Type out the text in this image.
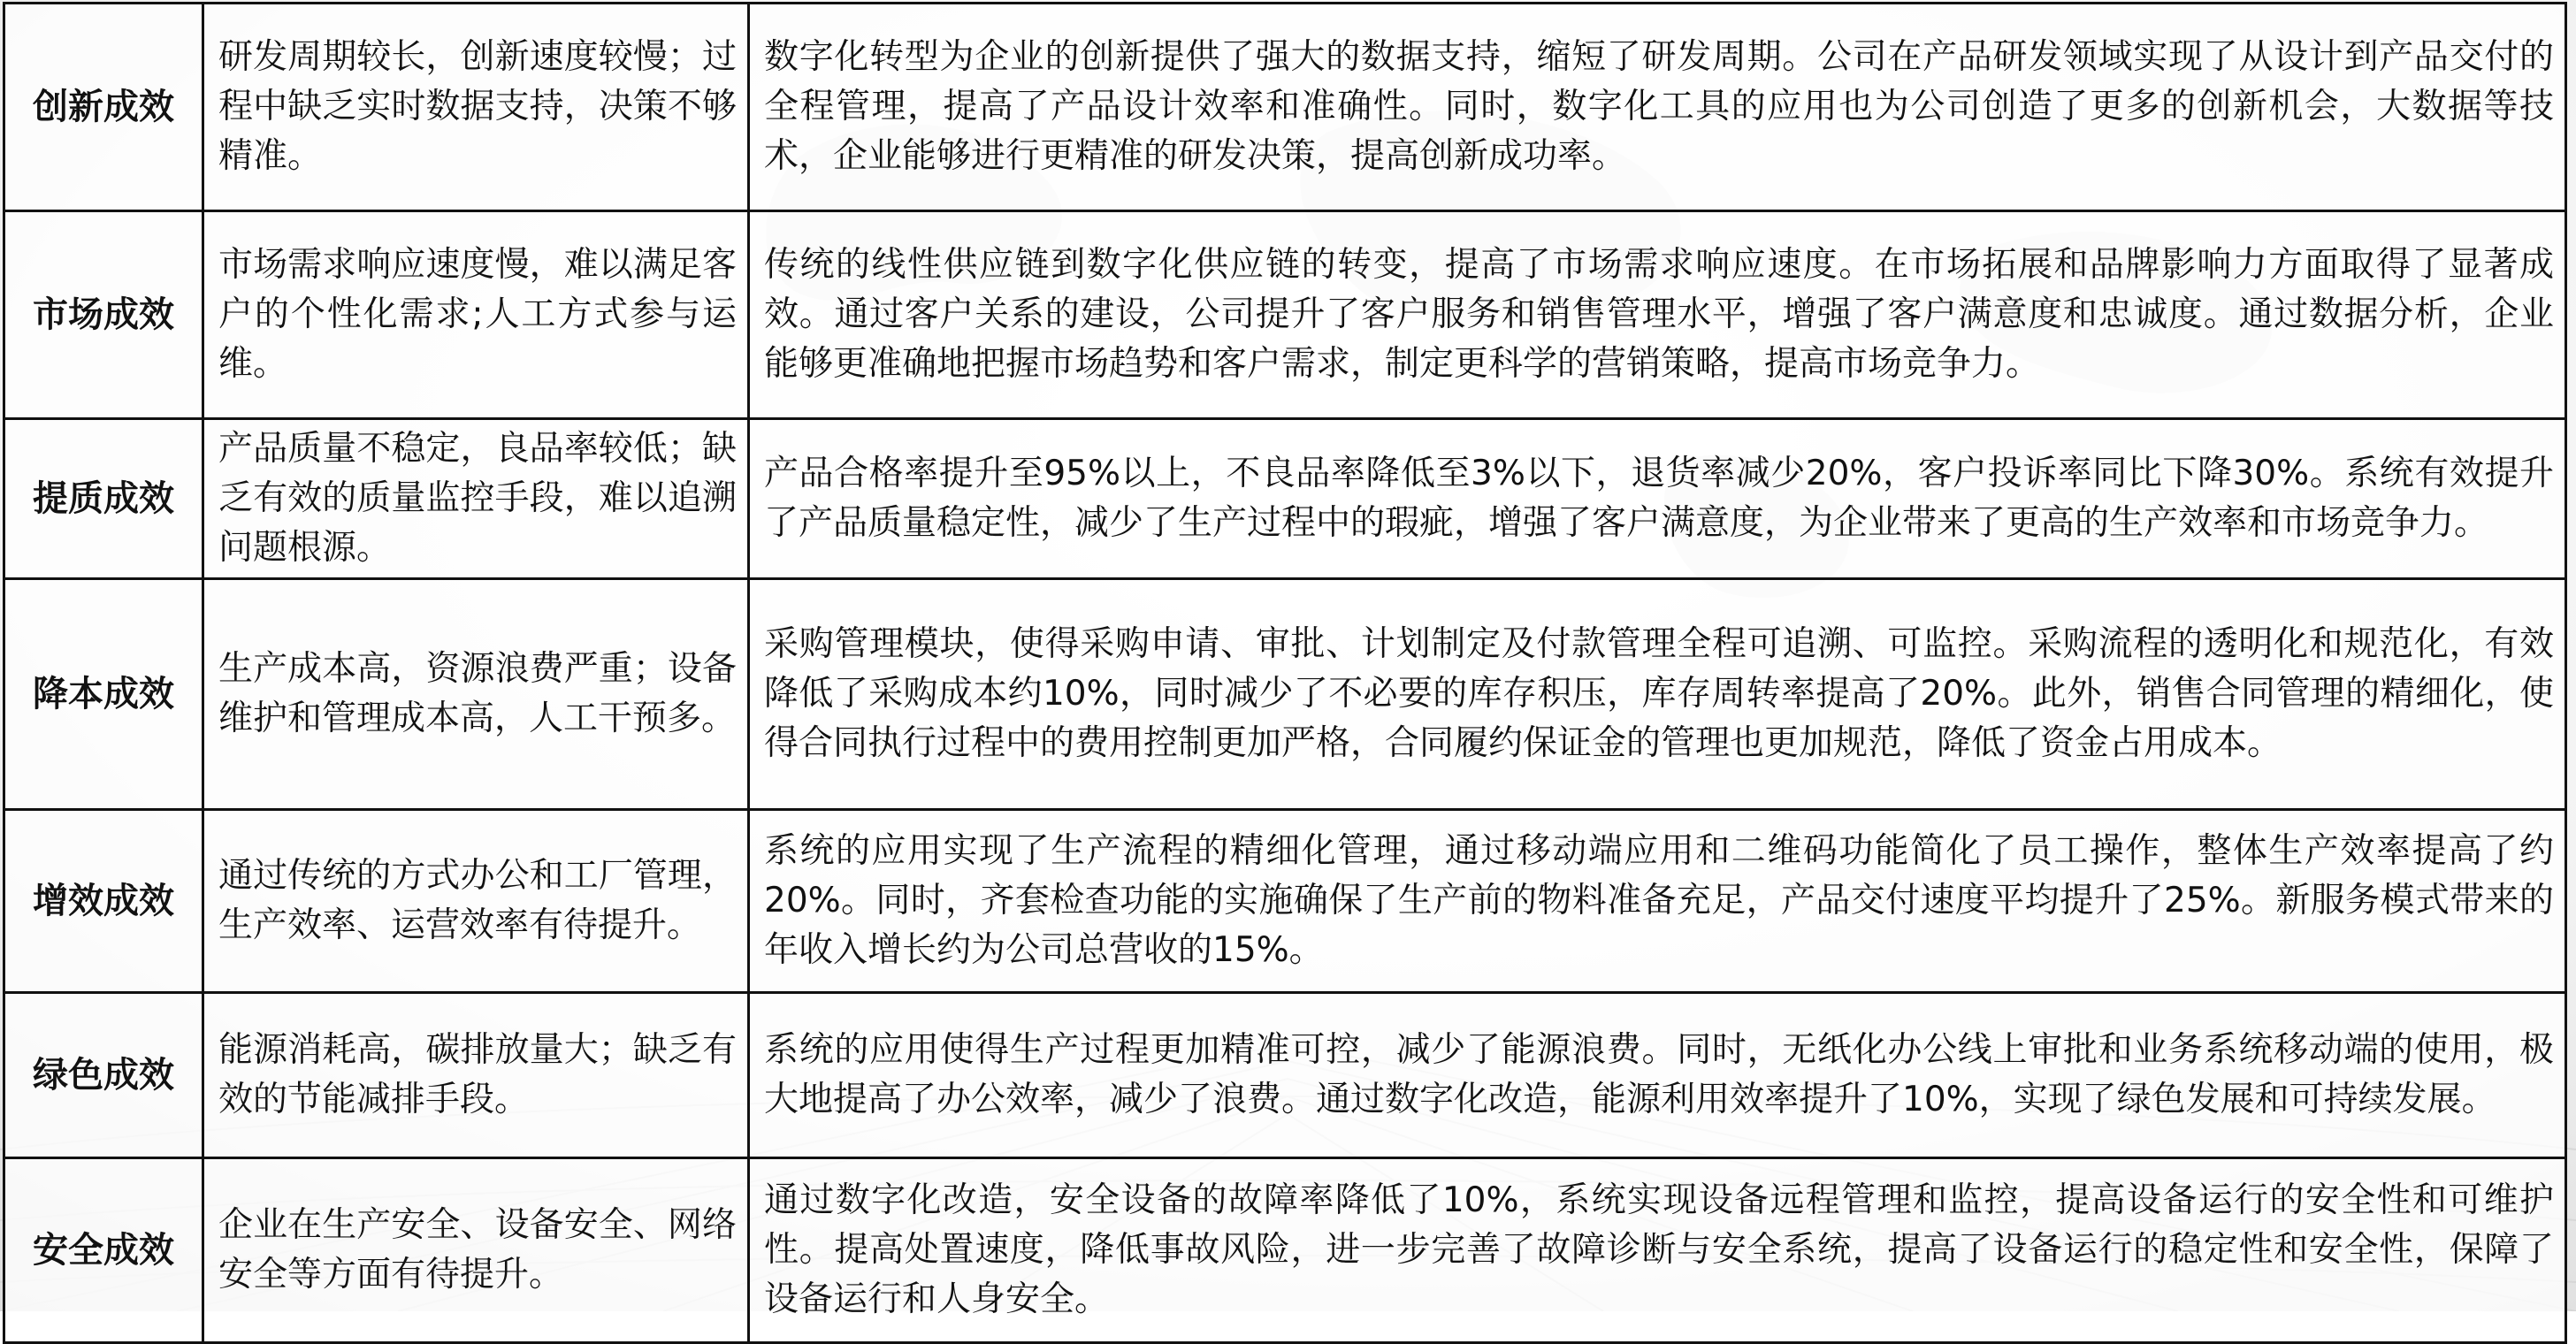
创新成效	研发周期较长，创新速度较慢；过程中缺乏实时数据支持，决策不够精准。	数字化转型为企业的创新提供了强大的数据支持，缩短了研发周期。公司在产品研发领域实现了从设计到产品交付的全程管理，提高了产品设计效率和准确性。同时，数字化工具的应用也为公司创造了更多的创新机会，大数据等技术，企业能够进行更精准的研发决策，提高创新成功率。
市场成效	市场需求响应速度慢，难以满足客户的个性化需求;人工方式参与运维。	传统的线性供应链到数字化供应链的转变，提高了市场需求响应速度。在市场拓展和品牌影响力方面取得了显著成效。通过客户关系的建设，公司提升了客户服务和销售管理水平，增强了客户满意度和忠诚度。通过数据分析，企业能够更准确地把握市场趋势和客户需求，制定更科学的营销策略，提高市场竞争力。
提质成效	产品质量不稳定，良品率较低；缺乏有效的质量监控手段，难以追溯问题根源。	产品合格率提升至95%以上，不良品率降低至3%以下，退货率减少20%，客户投诉率同比下降30%。系统有效提升了产品质量稳定性，减少了生产过程中的瑕疵，增强了客户满意度，为企业带来了更高的生产效率和市场竞争力。
降本成效	生产成本高，资源浪费严重；设备维护和管理成本高，人工干预多。	采购管理模块，使得采购申请、审批、计划制定及付款管理全程可追溯、可监控。采购流程的透明化和规范化，有效降低了采购成本约10%，同时减少了不必要的库存积压，库存周转率提高了20%。此外，销售合同管理的精细化，使得合同执行过程中的费用控制更加严格，合同履约保证金的管理也更加规范，降低了资金占用成本。
增效成效	通过传统的方式办公和工厂管理，生产效率、运营效率有待提升。	系统的应用实现了生产流程的精细化管理，通过移动端应用和二维码功能简化了员工操作，整体生产效率提高了约20%。同时，齐套检查功能的实施确保了生产前的物料准备充足，产品交付速度平均提升了25%。新服务模式带来的年收入增长约为公司总营收的15%。
绿色成效	能源消耗高，碳排放量大；缺乏有效的节能减排手段。	系统的应用使得生产过程更加精准可控，减少了能源浪费。同时，无纸化办公线上审批和业务系统移动端的使用，极大地提高了办公效率，减少了浪费。通过数字化改造，能源利用效率提升了10%，实现了绿色发展和可持续发展。
安全成效	企业在生产安全、设备安全、网络安全等方面有待提升。	通过数字化改造，安全设备的故障率降低了10%，系统实现设备远程管理和监控，提高设备运行的安全性和可维护性。提高处置速度，降低事故风险，进一步完善了故障诊断与安全系统，提高了设备运行的稳定性和安全性，保障了设备运行和人身安全。
